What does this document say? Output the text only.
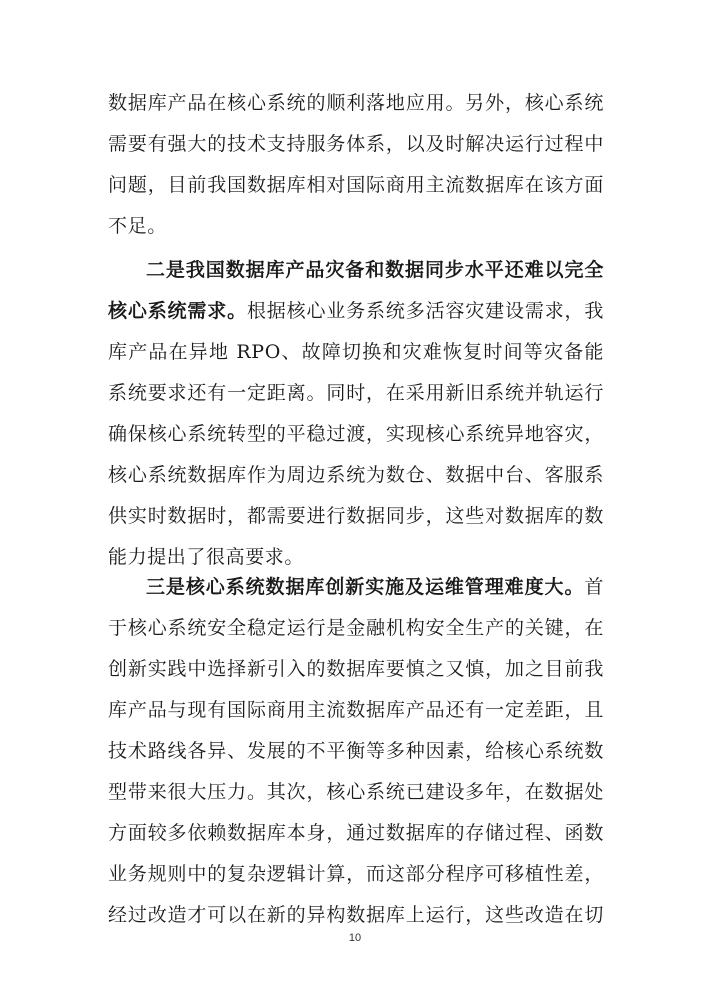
数据库产品在核心系统的顺利落地应用。另外，核心系统
需要有强大的技术支持服务体系，以及时解决运行过程中
问题，目前我国数据库相对国际商用主流数据库在该方面
不足。
二是我国数据库产品灾备和数据同步水平还难以完全
核心系统需求。根据核心业务系统多活容灾建设需求，我
库产品在异地 RPO、故障切换和灾难恢复时间等灾备能
系统要求还有一定距离。同时，在采用新旧系统并轨运行
确保核心系统转型的平稳过渡，实现核心系统异地容灾，
核心系统数据库作为周边系统为数仓、数据中台、客服系
供实时数据时，都需要进行数据同步，这些对数据库的数
能力提出了很高要求。
三是核心系统数据库创新实施及运维管理难度大。首
于核心系统安全稳定运行是金融机构安全生产的关键，在
创新实践中选择新引入的数据库要慎之又慎，加之目前我
库产品与现有国际商用主流数据库产品还有一定差距，且
技术路线各异、发展的不平衡等多种因素，给核心系统数
型带来很大压力。其次，核心系统已建设多年，在数据处
方面较多依赖数据库本身，通过数据库的存储过程、函数
业务规则中的复杂逻辑计算，而这部分程序可移植性差，
经过改造才可以在新的异构数据库上运行，这些改造在切
10
